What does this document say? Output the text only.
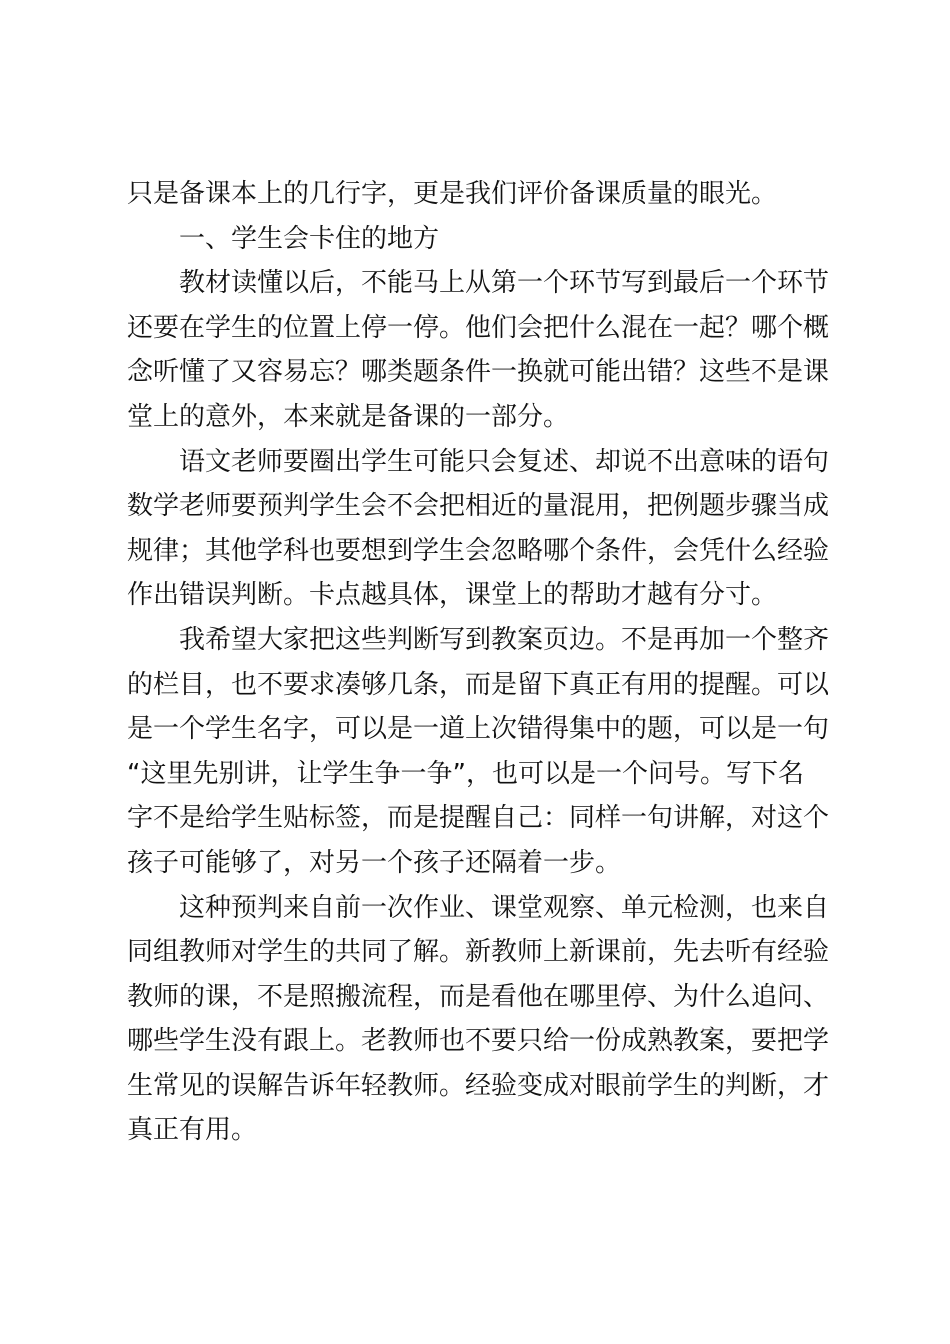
只是备课本上的几行字，更是我们评价备课质量的眼光。

一、学生会卡住的地方

教材读懂以后，不能马上从第一个环节写到最后一个环节
还要在学生的位置上停一停。他们会把什么混在一起？哪个概
念听懂了又容易忘？哪类题条件一换就可能出错？这些不是课
堂上的意外，本来就是备课的一部分。

语文老师要圈出学生可能只会复述、却说不出意味的语句
数学老师要预判学生会不会把相近的量混用，把例题步骤当成
规律；其他学科也要想到学生会忽略哪个条件，会凭什么经验
作出错误判断。卡点越具体，课堂上的帮助才越有分寸。

我希望大家把这些判断写到教案页边。不是再加一个整齐
的栏目，也不要求凑够几条，而是留下真正有用的提醒。可以
是一个学生名字，可以是一道上次错得集中的题，可以是一句
“这里先别讲，让学生争一争”，也可以是一个问号。写下名
字不是给学生贴标签，而是提醒自己：同样一句讲解，对这个
孩子可能够了，对另一个孩子还隔着一步。

这种预判来自前一次作业、课堂观察、单元检测，也来自
同组教师对学生的共同了解。新教师上新课前，先去听有经验
教师的课，不是照搬流程，而是看他在哪里停、为什么追问、
哪些学生没有跟上。老教师也不要只给一份成熟教案，要把学
生常见的误解告诉年轻教师。经验变成对眼前学生的判断，才
真正有用。
